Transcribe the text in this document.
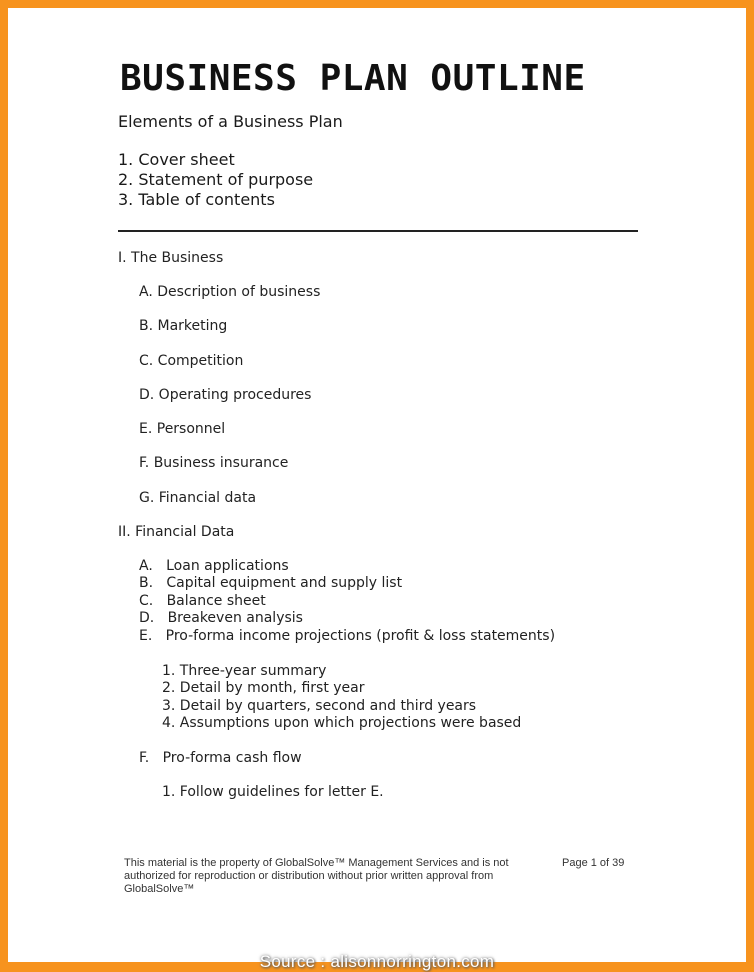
BUSINESS PLAN OUTLINE
Elements of a Business Plan
1. Cover sheet
2. Statement of purpose
3. Table of contents
I. The Business
A. Description of business
B. Marketing
C. Competition
D. Operating procedures
E. Personnel
F. Business insurance
G. Financial data
II. Financial Data
A.   Loan applications
B.   Capital equipment and supply list
C.   Balance sheet
D.   Breakeven analysis
E.   Pro-forma income projections (profit & loss statements)
1. Three-year summary
2. Detail by month, first year
3. Detail by quarters, second and third years
4. Assumptions upon which projections were based
F.   Pro-forma cash flow
1. Follow guidelines for letter E.
This material is the property of GlobalSolve™ Management Services and is not authorized for reproduction or distribution without prior written approval from GlobalSolve™
Page 1 of 39
Source : alisonnorrington.com
